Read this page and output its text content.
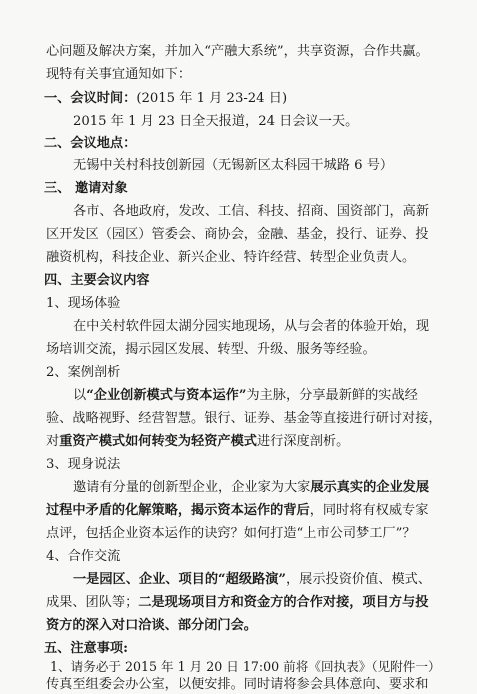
心问题及解决方案，并加入“产融大系统”，共享资源，合作共赢。
现特有关事宜通知如下：
一、会议时间：(2015 年 1 月 23-24 日)
2015 年 1 月 23 日全天报道，24 日会议一天。
二、会议地点：
无锡中关村科技创新园（无锡新区太科园干城路 6 号）
三、 邀请对象
各市、各地政府，发改、工信、科技、招商、国资部门，高新
区开发区（园区）管委会、商协会，金融、基金，投行、证券、投
融资机构，科技企业、新兴企业、特许经营、转型企业负责人。
四、主要会议内容
1、现场体验
在中关村软件园太湖分园实地现场，从与会者的体验开始，现
场培训交流，揭示园区发展、转型、升级、服务等经验。
2、案例剖析
以“企业创新模式与资本运作”为主脉，分享最新鲜的实战经
验、战略视野、经营智慧。银行、证券、基金等直接进行研讨对接，
对重资产模式如何转变为轻资产模式进行深度剖析。
3、现身说法
邀请有分量的创新型企业，企业家为大家展示真实的企业发展
过程中矛盾的化解策略，揭示资本运作的背后，同时将有权威专家
点评，包括企业资本运作的诀窍？如何打造“上市公司梦工厂”？
4、合作交流
一是园区、企业、项目的“超级路演”，展示投资价值、模式、
成果、团队等；二是现场项目方和资金方的合作对接，项目方与投
资方的深入对口洽谈、部分闭门会。
五、注意事项:
1、请务必于 2015 年 1 月 20 日 17:00 前将《回执表》（见附件一）
传真至组委会办公室，以便安排。同时请将参会具体意向、要求和
